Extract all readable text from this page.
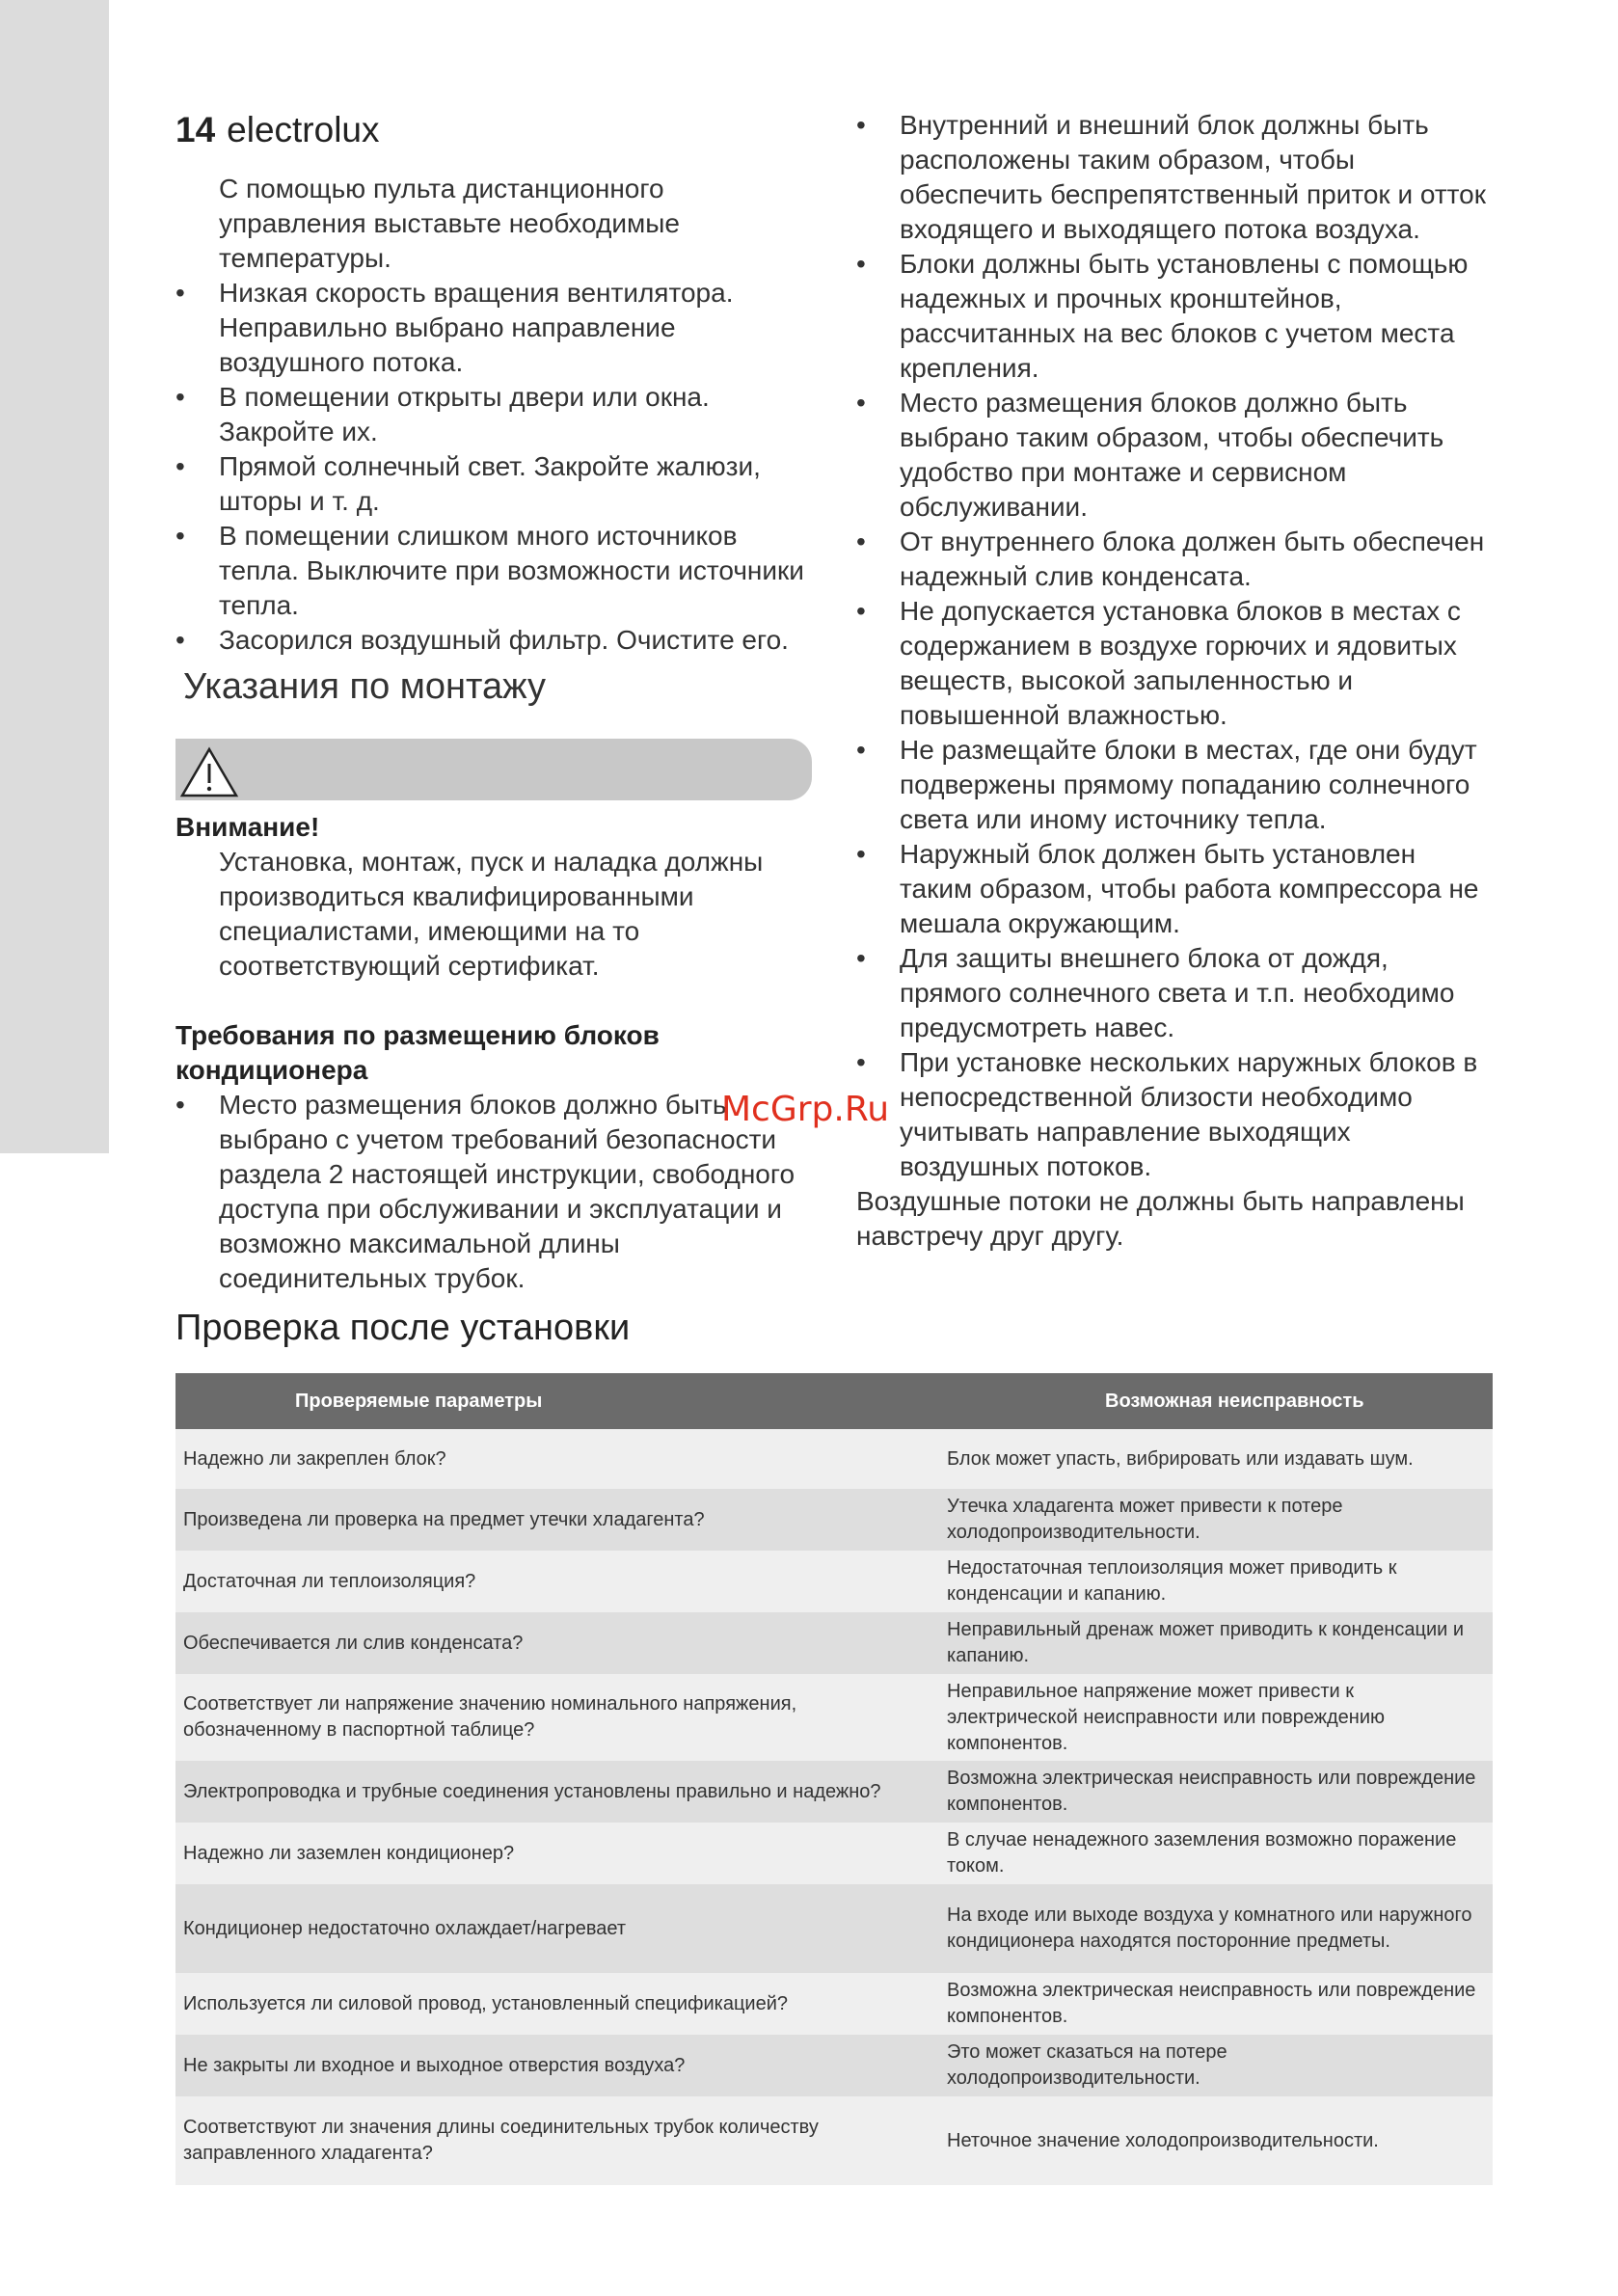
14 electrolux

С помощью пульта дистанционного управления выставьте необходимые температуры.

• Низкая скорость вращения вентилятора. Неправильно выбрано направление воздушного потока.
• В помещении открыты двери или окна. Закройте их.
• Прямой солнечный свет. Закройте жалюзи, шторы и т. д.
• В помещении слишком много источников тепла. Выключите при возможности источники тепла.
• Засорился воздушный фильтр. Очистите его.
Указания по монтажу

Внимание!

Установка, монтаж, пуск и наладка должны производиться квалифицированными специалистами, имеющими на то соответствующий сертификат.

Требования по размещению блоков кондиционера

• Место размещения блоков должно быть выбрано с учетом требований безопасности раздела 2 настоящей инструкции, свободного доступа при обслуживании и эксплуатации и возможно максимальной длины соединительных трубок.
• Внутренний и внешний блок должны быть расположены таким образом, чтобы обеспечить беспрепятственный приток и отток входящего и выходящего потока воздуха.
• Блоки должны быть установлены с помощью надежных и прочных кронштейнов, рассчитанных на вес блоков с учетом места крепления.
• Место размещения блоков должно быть выбрано таким образом, чтобы обеспечить удобство при монтаже и сервисном обслуживании.
• От внутреннего блока должен быть обеспечен надежный слив конденсата.
• Не допускается установка блоков в местах с содержанием в воздухе горючих и ядовитых веществ, высокой запыленностью и повышенной влажностью.
• Не размещайте блоки в местах, где они будут подвержены прямому попаданию солнечного света или иному источнику тепла.
• Наружный блок должен быть установлен таким образом, чтобы работа компрессора не мешала окружающим.
• Для защиты внешнего блока от дождя, прямого солнечного света и т.п. необходимо предусмотреть навес.
• При установке нескольких наружных блоков в непосредственной близости необходимо учитывать направление выходящих воздушных потоков.

Воздушные потоки не должны быть направлены навстречу друг другу.

McGrp.Ru
Проверка после установки
Проверяемые параметры	Возможная неисправность
Надежно ли закреплен блок?	Блок может упасть, вибрировать или издавать шум.
Произведена ли проверка на предмет утечки хладагента?	Утечка хладагента может привести к потере холодопроизводительности.
Достаточная ли теплоизоляция?	Недостаточная теплоизоляция может приводить к конденсации и капанию.
Обеспечивается ли слив конденсата?	Неправильный дренаж может приводить к конденсации и капанию.
Соответствует ли напряжение значению номинального напряжения, обозначенному в паспортной таблице?	Неправильное напряжение может привести к электрической неисправности или повреждению компонентов.
Электропроводка и трубные соединения установлены правильно и надежно?	Возможна электрическая неисправность или повреждение компонентов.
Надежно ли заземлен кондиционер?	В случае ненадежного заземления возможно поражение током.
Кондиционер недостаточно охлаждает/нагревает	На входе или выходе воздуха у комнатного или наружного кондиционера находятся посторонние предметы.
Используется ли силовой провод, установленный спецификацией?	Возможна электрическая неисправность или повреждение компонентов.
Не закрыты ли входное и выходное отверстия воздуха?	Это может сказаться на потере холодопроизводительности.
Соответствуют ли значения длины соединительных трубок количеству заправленного хладагента?	Неточное значение холодопроизводительности.
